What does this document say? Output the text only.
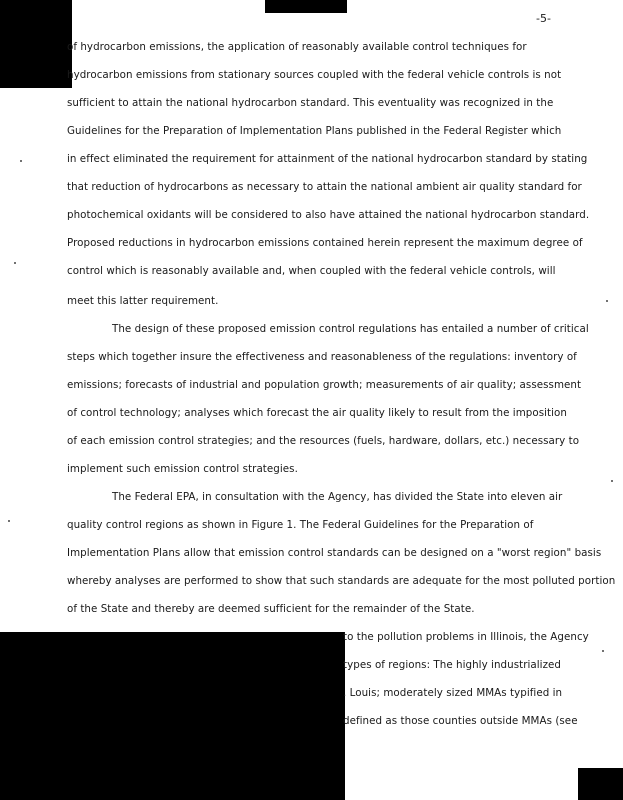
-5-
of hydrocarbon emissions, the application of reasonably available control techniques for
hydrocarbon emissions from stationary sources coupled with the federal vehicle controls is not
sufficient to attain the national hydrocarbon standard. This eventuality was recognized in the
Guidelines for the Preparation of Implementation Plans published in the Federal Register which
in effect eliminated the requirement for attainment of the national hydrocarbon standard by stating
that reduction of hydrocarbons as necessary to attain the national ambient air quality standard for
photochemical oxidants will be considered to also have attained the national hydrocarbon standard.
Proposed reductions in hydrocarbon emissions contained herein represent the maximum degree of
control which is reasonably available and, when coupled with the federal vehicle controls, will
meet this latter requirement.
The design of these proposed emission control regulations has entailed a number of critical
steps which together insure the effectiveness and reasonableness of the regulations: inventory of
emissions; forecasts of industrial and population growth; measurements of air quality; assessment
of control technology; analyses which forecast the air quality likely to result from the imposition
of each emission control strategies; and the resources (fuels, hardware, dollars, etc.) necessary to
implement such emission control strategies.
The Federal EPA, in consultation with the Agency, has divided the State into eleven air
quality control regions as shown in Figure 1. The Federal Guidelines for the Preparation of
Implementation Plans allow that emission control standards can be designed on a "worst region" basis
whereby analyses are performed to show that such standards are adequate for the most polluted portion
of the State and thereby are deemed sufficient for the remainder of the State.
to the pollution problems in Illinois, the Agency
types of regions: The highly industrialized
. Louis; moderately sized MMAs typified in
defined as those counties outside MMAs (see
